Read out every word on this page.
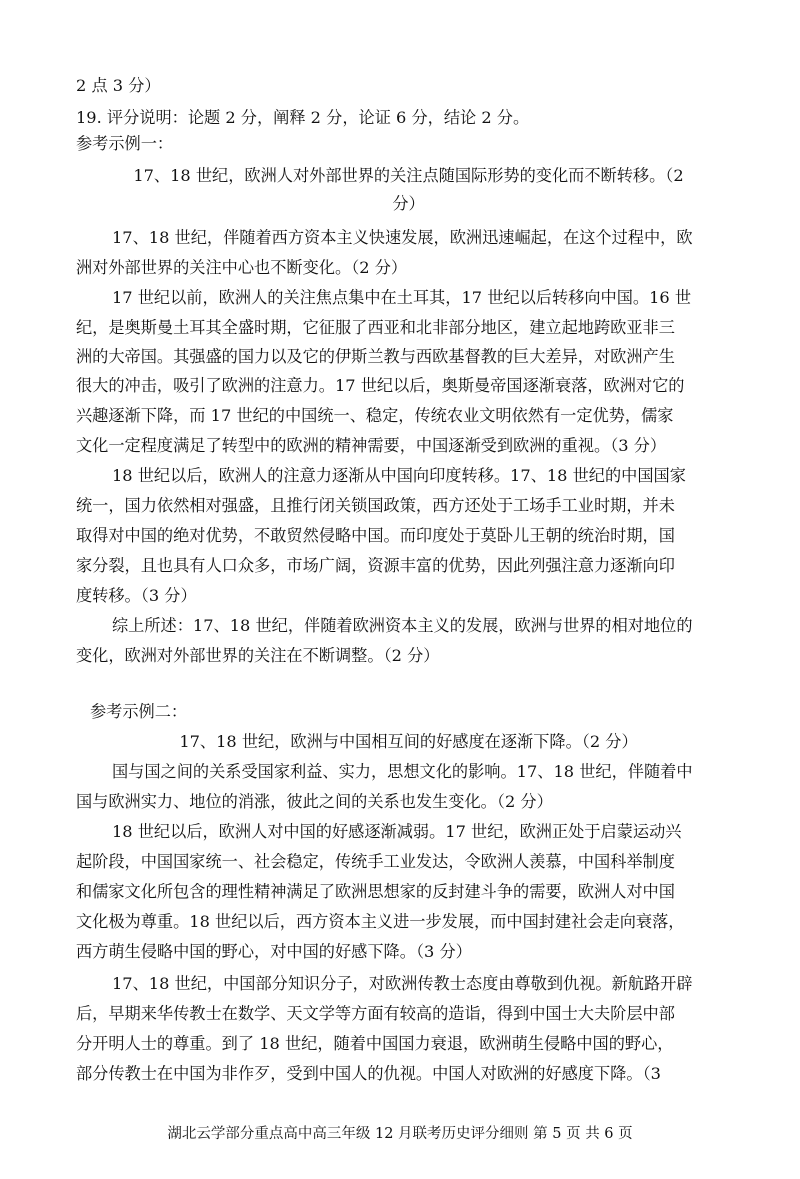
2 点 3 分）
19. 评分说明：论题 2 分，阐释 2 分，论证 6 分，结论 2 分。
参考示例一：
17、18 世纪，欧洲人对外部世界的关注点随国际形势的变化而不断转移。（2
分）
17、18 世纪，伴随着西方资本主义快速发展，欧洲迅速崛起，在这个过程中，欧
洲对外部世界的关注中心也不断变化。（2 分）
17 世纪以前，欧洲人的关注焦点集中在土耳其，17 世纪以后转移向中国。16 世
纪，是奥斯曼土耳其全盛时期，它征服了西亚和北非部分地区，建立起地跨欧亚非三
洲的大帝国。其强盛的国力以及它的伊斯兰教与西欧基督教的巨大差异，对欧洲产生
很大的冲击，吸引了欧洲的注意力。17 世纪以后，奥斯曼帝国逐渐衰落，欧洲对它的
兴趣逐渐下降，而 17 世纪的中国统一、稳定，传统农业文明依然有一定优势，儒家
文化一定程度满足了转型中的欧洲的精神需要，中国逐渐受到欧洲的重视。（3 分）
18 世纪以后，欧洲人的注意力逐渐从中国向印度转移。17、18 世纪的中国国家
统一，国力依然相对强盛，且推行闭关锁国政策，西方还处于工场手工业时期，并未
取得对中国的绝对优势，不敢贸然侵略中国。而印度处于莫卧儿王朝的统治时期，国
家分裂，且也具有人口众多，市场广阔，资源丰富的优势，因此列强注意力逐渐向印
度转移。（3 分）
综上所述：17、18 世纪，伴随着欧洲资本主义的发展，欧洲与世界的相对地位的
变化，欧洲对外部世界的关注在不断调整。（2 分）
参考示例二：
17、18 世纪，欧洲与中国相互间的好感度在逐渐下降。（2 分）
国与国之间的关系受国家利益、实力，思想文化的影响。17、18 世纪，伴随着中
国与欧洲实力、地位的消涨，彼此之间的关系也发生变化。（2 分）
18 世纪以后，欧洲人对中国的好感逐渐减弱。17 世纪，欧洲正处于启蒙运动兴
起阶段，中国国家统一、社会稳定，传统手工业发达，令欧洲人羡慕，中国科举制度
和儒家文化所包含的理性精神满足了欧洲思想家的反封建斗争的需要，欧洲人对中国
文化极为尊重。18 世纪以后，西方资本主义进一步发展，而中国封建社会走向衰落，
西方萌生侵略中国的野心，对中国的好感下降。（3 分）
17、18 世纪，中国部分知识分子，对欧洲传教士态度由尊敬到仇视。新航路开辟
后，早期来华传教士在数学、天文学等方面有较高的造诣，得到中国士大夫阶层中部
分开明人士的尊重。到了 18 世纪，随着中国国力衰退，欧洲萌生侵略中国的野心，
部分传教士在中国为非作歹，受到中国人的仇视。中国人对欧洲的好感度下降。（3
湖北云学部分重点高中高三年级 12 月联考历史评分细则 第 5 页 共 6 页
